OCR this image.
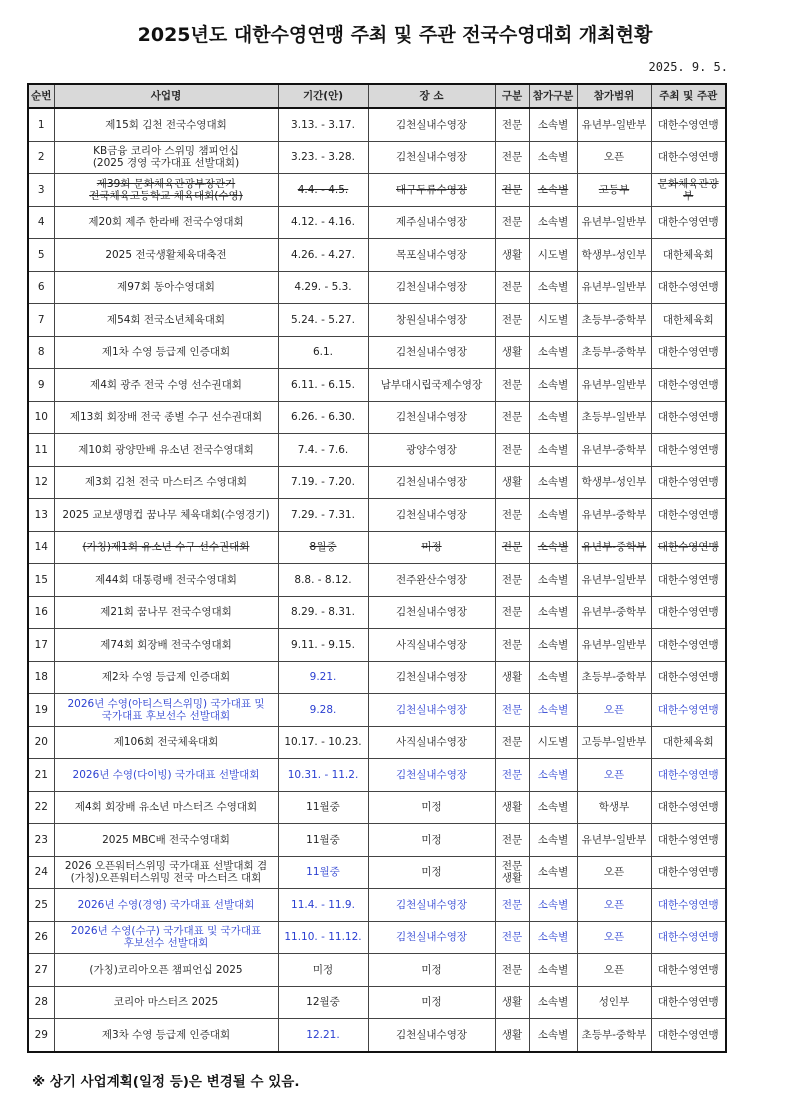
2025년도 대한수영연맹 주최 및 주관 전국수영대회 개최현황
2025. 9. 5.
순번	사업명	기간(안)	장 소	구분	참가구분	참가범위	주최 및 주관
1	제15회 김천 전국수영대회	3.13. - 3.17.	김천실내수영장	전문	소속별	유년부-일반부	대한수영연맹
2	KB금융 코리아 스위밍 챔피언십
(2025 경영 국가대표 선발대회)	3.23. - 3.28.	김천실내수영장	전문	소속별	오픈	대한수영연맹
3	제39회 문화체육관광부장관기
전국체육고등학교 체육대회(수영)	4.4. - 4.5.	대구두류수영장	전문	소속별	고등부	문화체육관광부
4	제20회 제주 한라배 전국수영대회	4.12. - 4.16.	제주실내수영장	전문	소속별	유년부-일반부	대한수영연맹
5	2025 전국생활체육대축전	4.26. - 4.27.	목포실내수영장	생활	시도별	학생부-성인부	대한체육회
6	제97회 동아수영대회	4.29. - 5.3.	김천실내수영장	전문	소속별	유년부-일반부	대한수영연맹
7	제54회 전국소년체육대회	5.24. - 5.27.	창원실내수영장	전문	시도별	초등부-중학부	대한체육회
8	제1차 수영 등급제 인증대회	6.1.	김천실내수영장	생활	소속별	초등부-중학부	대한수영연맹
9	제4회 광주 전국 수영 선수권대회	6.11. - 6.15.	남부대시립국제수영장	전문	소속별	유년부-일반부	대한수영연맹
10	제13회 회장배 전국 종별 수구 선수권대회	6.26. - 6.30.	김천실내수영장	전문	소속별	초등부-일반부	대한수영연맹
11	제10회 광양만배 유소년 전국수영대회	7.4. - 7.6.	광양수영장	전문	소속별	유년부-중학부	대한수영연맹
12	제3회 김천 전국 마스터즈 수영대회	7.19. - 7.20.	김천실내수영장	생활	소속별	학생부-성인부	대한수영연맹
13	2025 교보생명컵 꿈나무 체육대회(수영경기)	7.29. - 7.31.	김천실내수영장	전문	소속별	유년부-중학부	대한수영연맹
14	(가칭)제1회 유소년 수구 선수권대회	8월중	미정	전문	소속별	유년부-중학부	대한수영연맹
15	제44회 대통령배 전국수영대회	8.8. - 8.12.	전주완산수영장	전문	소속별	유년부-일반부	대한수영연맹
16	제21회 꿈나무 전국수영대회	8.29. - 8.31.	김천실내수영장	전문	소속별	유년부-중학부	대한수영연맹
17	제74회 회장배 전국수영대회	9.11. - 9.15.	사직실내수영장	전문	소속별	유년부-일반부	대한수영연맹
18	제2차 수영 등급제 인증대회	9.21.	김천실내수영장	생활	소속별	초등부-중학부	대한수영연맹
19	2026년 수영(아티스틱스위밍) 국가대표 및
국가대표 후보선수 선발대회	9.28.	김천실내수영장	전문	소속별	오픈	대한수영연맹
20	제106회 전국체육대회	10.17. - 10.23.	사직실내수영장	전문	시도별	고등부-일반부	대한체육회
21	2026년 수영(다이빙) 국가대표 선발대회	10.31. - 11.2.	김천실내수영장	전문	소속별	오픈	대한수영연맹
22	제4회 회장배 유소년 마스터즈 수영대회	11월중	미정	생활	소속별	학생부	대한수영연맹
23	2025 MBC배 전국수영대회	11월중	미정	전문	소속별	유년부-일반부	대한수영연맹
24	2026 오픈워터스위밍 국가대표 선발대회 겸
(가칭)오픈워터스위밍 전국 마스터즈 대회	11월중	미정	전문
생활	소속별	오픈	대한수영연맹
25	2026년 수영(경영) 국가대표 선발대회	11.4. - 11.9.	김천실내수영장	전문	소속별	오픈	대한수영연맹
26	2026년 수영(수구) 국가대표 및 국가대표
후보선수 선발대회	11.10. - 11.12.	김천실내수영장	전문	소속별	오픈	대한수영연맹
27	(가칭)코리아오픈 챔피언십 2025	미정	미정	전문	소속별	오픈	대한수영연맹
28	코리아 마스터즈 2025	12월중	미정	생활	소속별	성인부	대한수영연맹
29	제3차 수영 등급제 인증대회	12.21.	김천실내수영장	생활	소속별	초등부-중학부	대한수영연맹
※ 상기 사업계획(일정 등)은 변경될 수 있음.
